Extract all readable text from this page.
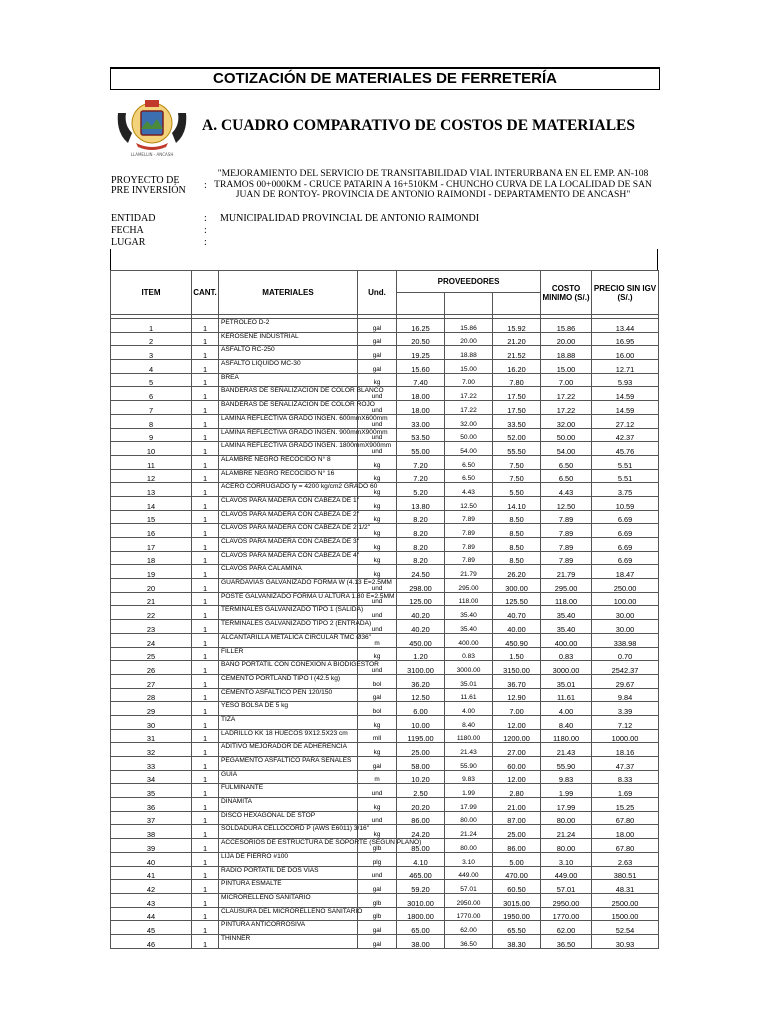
COTIZACIÓN DE MATERIALES DE FERRETERÍA
LLAMELLIN - ANCASH
A. CUADRO COMPARATIVO DE COSTOS DE MATERIALES
PROYECTO DE
PRE INVERSIÓN :
"MEJORAMIENTO DEL SERVICIO DE TRANSITABILIDAD VIAL INTERURBANA EN EL EMP. AN-108 TRAMOS 00+000KM - CRUCE PATARIN A 16+510KM - CHUNCHO CURVA DE LA LOCALIDAD DE SAN JUAN DE RONTOY- PROVINCIA DE ANTONIO RAIMONDI - DEPARTAMENTO DE ANCASH"
ENTIDAD	: MUNICIPALIDAD PROVINCIAL DE ANTONIO RAIMONDI
FECHA	:
LUGAR	:
ITEM	CANT.	MATERIALES	Und.	PROVEEDORES			COSTO MINIMO (S/.)	PRECIO SIN IGV (S/.)

1	1	PETROLEO D-2	gal	16.25	15.86	15.92	15.86	13.44
2	1	KEROSENE INDUSTRIAL	gal	20.50	20.00	21.20	20.00	16.95
3	1	ASFALTO RC-250	gal	19.25	18.88	21.52	18.88	16.00
4	1	ASFALTO LIQUIDO MC-30	gal	15.60	15.00	16.20	15.00	12.71
5	1	BREA	kg	7.40	7.00	7.80	7.00	5.93
6	1	BANDERAS DE SEÑALIZACION DE COLOR BLANCO	und	18.00	17.22	17.50	17.22	14.59
7	1	BANDERAS DE SEÑALIZACION DE COLOR ROJO	und	18.00	17.22	17.50	17.22	14.59
8	1	LAMINA REFLECTIVA GRADO INGEN. 600mmX600mm	und	33.00	32.00	33.50	32.00	27.12
9	1	LAMINA REFLECTIVA GRADO INGEN. 900mmX900mm	und	53.50	50.00	52.00	50.00	42.37
10	1	LAMINA REFLECTIVA GRADO INGEN. 1800mmX900mm	und	55.00	54.00	55.50	54.00	45.76
11	1	ALAMBRE NEGRO RECOCIDO N° 8	kg	7.20	6.50	7.50	6.50	5.51
12	1	ALAMBRE NEGRO RECOCIDO N° 16	kg	7.20	6.50	7.50	6.50	5.51
13	1	ACERO CORRUGADO fy = 4200 kg/cm2 GRADO 60	kg	5.20	4.43	5.50	4.43	3.75
14	1	CLAVOS PARA MADERA CON CABEZA DE 1"	kg	13.80	12.50	14.10	12.50	10.59
15	1	CLAVOS PARA MADERA CON CABEZA DE 2"	kg	8.20	7.89	8.50	7.89	6.69
16	1	CLAVOS PARA MADERA CON CABEZA DE 2 1/2"	kg	8.20	7.89	8.50	7.89	6.69
17	1	CLAVOS PARA MADERA CON CABEZA DE 3"	kg	8.20	7.89	8.50	7.89	6.69
18	1	CLAVOS PARA MADERA CON CABEZA DE 4"	kg	8.20	7.89	8.50	7.89	6.69
19	1	CLAVOS PARA CALAMINA	kg	24.50	21.79	26.20	21.79	18.47
20	1	GUARDAVIAS GALVANIZADO FORMA W (4.13 E=2.5MM	und	298.00	295.00	300.00	295.00	250.00
21	1	POSTE GALVANIZADO FORMA U ALTURA 1.80 E=2.5MM	und	125.00	118.00	125.50	118.00	100.00
22	1	TERMINALES GALVANIZADO TIPO 1 (SALIDA)	und	40.20	35.40	40.70	35.40	30.00
23	1	TERMINALES GALVANIZADO TIPO 2 (ENTRADA)	und	40.20	35.40	40.00	35.40	30.00
24	1	ALCANTARILLA METALICA CIRCULAR TMC Ø36"	m	450.00	400.00	450.90	400.00	338.98
25	1	FILLER	kg	1.20	0.83	1.50	0.83	0.70
26	1	BAÑO PORTATIL CON CONEXION A BIODIGESTOR	und	3100.00	3000.00	3150.00	3000.00	2542.37
27	1	CEMENTO PORTLAND TIPO I (42.5 kg)	bol	36.20	35.01	36.70	35.01	29.67
28	1	CEMENTO ASFALTICO PEN 120/150	gal	12.50	11.61	12.90	11.61	9.84
29	1	YESO BOLSA DE 5 kg	bol	6.00	4.00	7.00	4.00	3.39
30	1	TIZA	kg	10.00	8.40	12.00	8.40	7.12
31	1	LADRILLO KK 18 HUECOS 9X12.5X23 cm	mll	1195.00	1180.00	1200.00	1180.00	1000.00
32	1	ADITIVO MEJORADOR DE ADHERENCIA	kg	25.00	21.43	27.00	21.43	18.16
33	1	PEGAMENTO ASFALTICO PARA SEÑALES	gal	58.00	55.90	60.00	55.90	47.37
34	1	GUIA	m	10.20	9.83	12.00	9.83	8.33
35	1	FULMINANTE	und	2.50	1.99	2.80	1.99	1.69
36	1	DINAMITA	kg	20.20	17.99	21.00	17.99	15.25
37	1	DISCO HEXAGONAL DE STOP	und	86.00	80.00	87.00	80.00	67.80
38	1	SOLDADURA CELLOCORD P (AWS E6011) 3/16"	kg	24.20	21.24	25.00	21.24	18.00
39	1	ACCESORIOS DE ESTRUCTURA DE SOPORTE (SEGUN PLANO)	glb	85.00	80.00	86.00	80.00	67.80
40	1	LIJA DE FIERRO #100	plg	4.10	3.10	5.00	3.10	2.63
41	1	RADIO PORTATIL DE DOS VIAS	und	465.00	449.00	470.00	449.00	380.51
42	1	PINTURA ESMALTE	gal	59.20	57.01	60.50	57.01	48.31
43	1	MICRORELLENO SANITARIO	glb	3010.00	2950.00	3015.00	2950.00	2500.00
44	1	CLAUSURA DEL MICRORELLENO SANITARIO	glb	1800.00	1770.00	1950.00	1770.00	1500.00
45	1	PINTURA ANTICORROSIVA	gal	65.00	62.00	65.50	62.00	52.54
46	1	THINNER	gal	38.00	36.50	38.30	36.50	30.93
